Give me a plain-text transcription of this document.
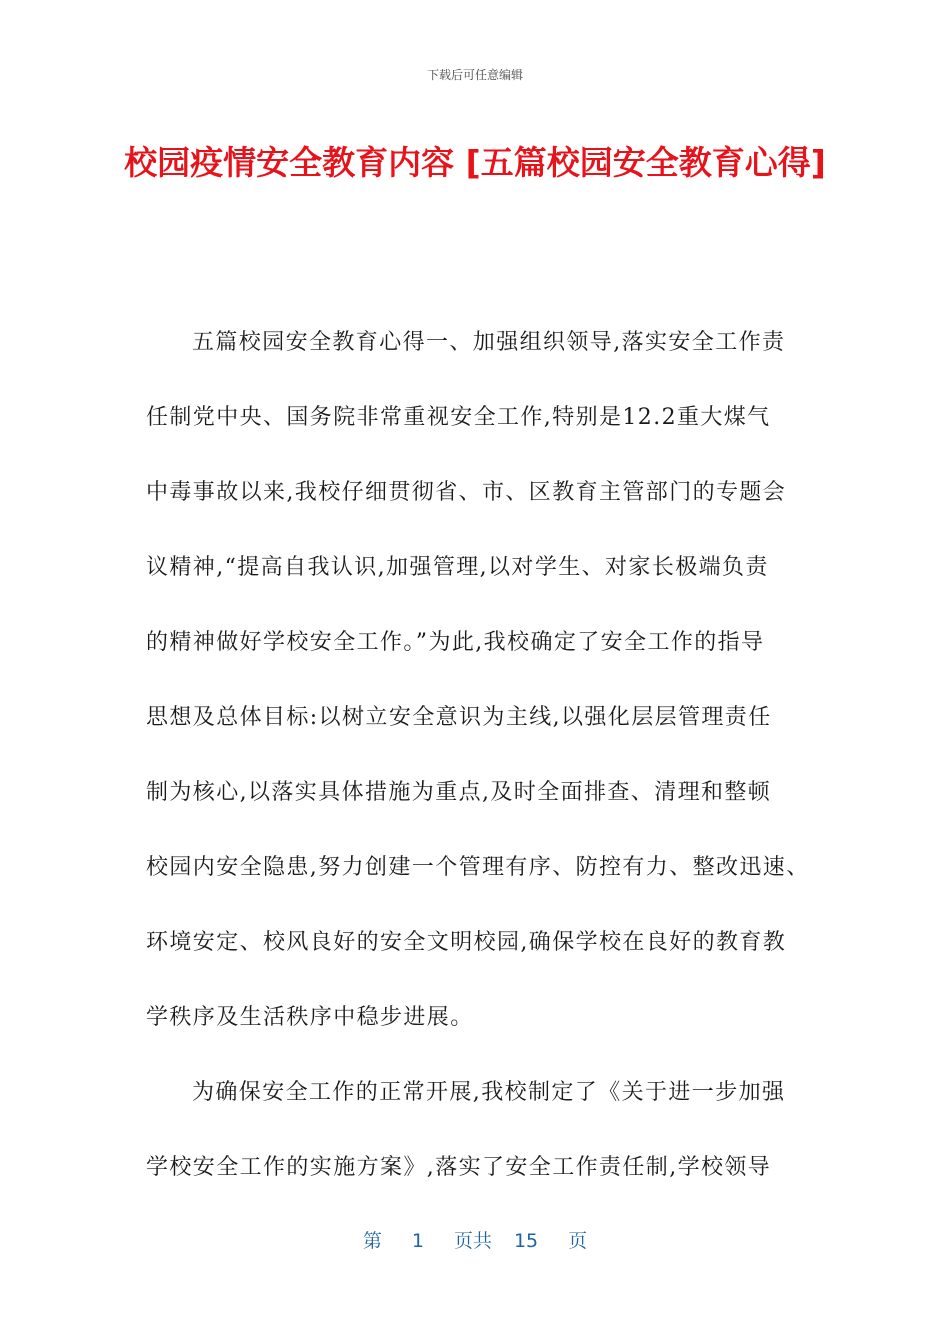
下载后可任意编辑
校园疫情安全教育内容 [五篇校园安全教育心得]
五篇校园安全教育心得一、加强组织领导,落实安全工作责
任制党中央、国务院非常重视安全工作,特别是12.2重大煤气
中毒事故以来,我校仔细贯彻省、市、区教育主管部门的专题会
议精神,“提高自我认识,加强管理,以对学生、对家长极端负责
的精神做好学校安全工作。”为此,我校确定了安全工作的指导
思想及总体目标:以树立安全意识为主线,以强化层层管理责任
制为核心,以落实具体措施为重点,及时全面排查、清理和整顿
校园内安全隐患,努力创建一个管理有序、防控有力、整改迅速、
环境安定、校风良好的安全文明校园,确保学校在良好的教育教
学秩序及生活秩序中稳步进展。
为确保安全工作的正常开展,我校制定了《关于进一步加强
学校安全工作的实施方案》,落实了安全工作责任制,学校领导
第 1 页共 15 页
